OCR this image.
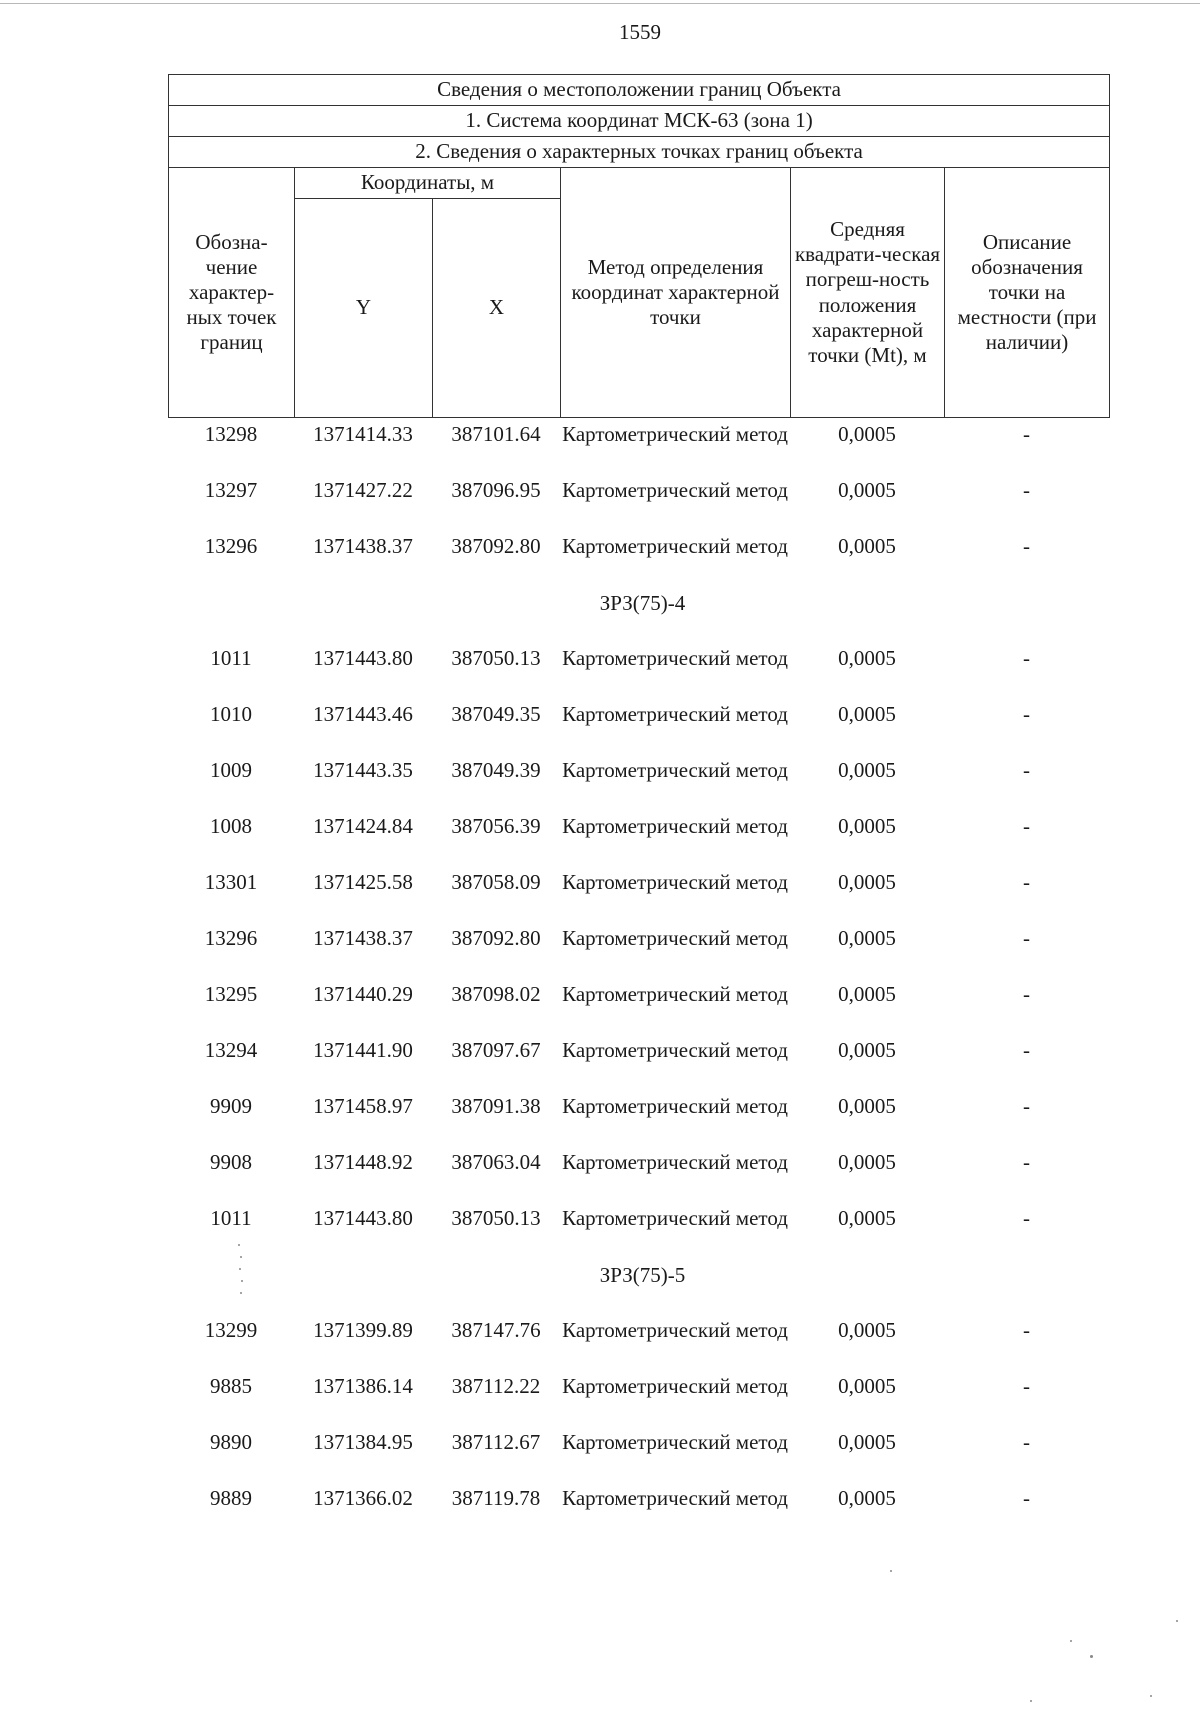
1559
Сведения о местоположении границ Объекта					
1. Система координат МСК-63 (зона 1)					
2. Сведения о характерных точках границ объекта					

Обозна-чение характер-ных точек границ	Координаты, м		Метод определения координат характерной точки	Средняя квадрати-ческая погреш-ность положения характерной точки (Mt), м	Описание обозначения точки на местности (при наличии)

	Y	X			
13298	1371414.33	387101.64	Картометрический метод	0,0005	-
13297	1371427.22	387096.95	Картометрический метод	0,0005	-
13296	1371438.37	387092.80	Картометрический метод	0,0005	-
ЗРЗ(75)-4
1011	1371443.80	387050.13	Картометрический метод	0,0005	-
1010	1371443.46	387049.35	Картометрический метод	0,0005	-
1009	1371443.35	387049.39	Картометрический метод	0,0005	-
1008	1371424.84	387056.39	Картометрический метод	0,0005	-
13301	1371425.58	387058.09	Картометрический метод	0,0005	-
13296	1371438.37	387092.80	Картометрический метод	0,0005	-
13295	1371440.29	387098.02	Картометрический метод	0,0005	-
13294	1371441.90	387097.67	Картометрический метод	0,0005	-
9909	1371458.97	387091.38	Картометрический метод	0,0005	-
9908	1371448.92	387063.04	Картометрический метод	0,0005	-
1011	1371443.80	387050.13	Картометрический метод	0,0005	-
ЗРЗ(75)-5
13299	1371399.89	387147.76	Картометрический метод	0,0005	-
9885	1371386.14	387112.22	Картометрический метод	0,0005	-
9890	1371384.95	387112.67	Картометрический метод	0,0005	-
9889	1371366.02	387119.78	Картометрический метод	0,0005	-
